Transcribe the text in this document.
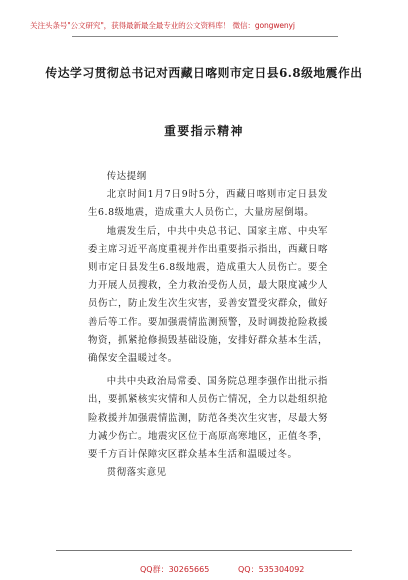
关注头条号"公文研究"，获得最新最全最专业的公文资料库！ 微信：gongwenyj
传达学习贯彻总书记对西藏日喀则市定日县6.8级地震作出
重要指示精神

传达提纲

北京时间1月7日9时5分，西藏日喀则市定日县发生6.8级地震，造成重大人员伤亡，大量房屋倒塌。

地震发生后，中共中央总书记、国家主席、中央军委主席习近平高度重视并作出重要指示指出，西藏日喀则市定日县发生6.8级地震，造成重大人员伤亡。要全力开展人员搜救，全力救治受伤人员，最大限度减少人员伤亡，防止发生次生灾害，妥善安置受灾群众，做好善后等工作。要加强震情监测预警，及时调拨抢险救援物资，抓紧抢修损毁基础设施，安排好群众基本生活，确保安全温暖过冬。

中共中央政治局常委、国务院总理李强作出批示指出，要抓紧核实灾情和人员伤亡情况，全力以赴组织抢险救援并加强震情监测，防范各类次生灾害，尽最大努力减少伤亡。地震灾区位于高原高寒地区，正值冬季，要千方百计保障灾区群众基本生活和温暖过冬。

贯彻落实意见

QQ群：30265665	QQ：535304092
